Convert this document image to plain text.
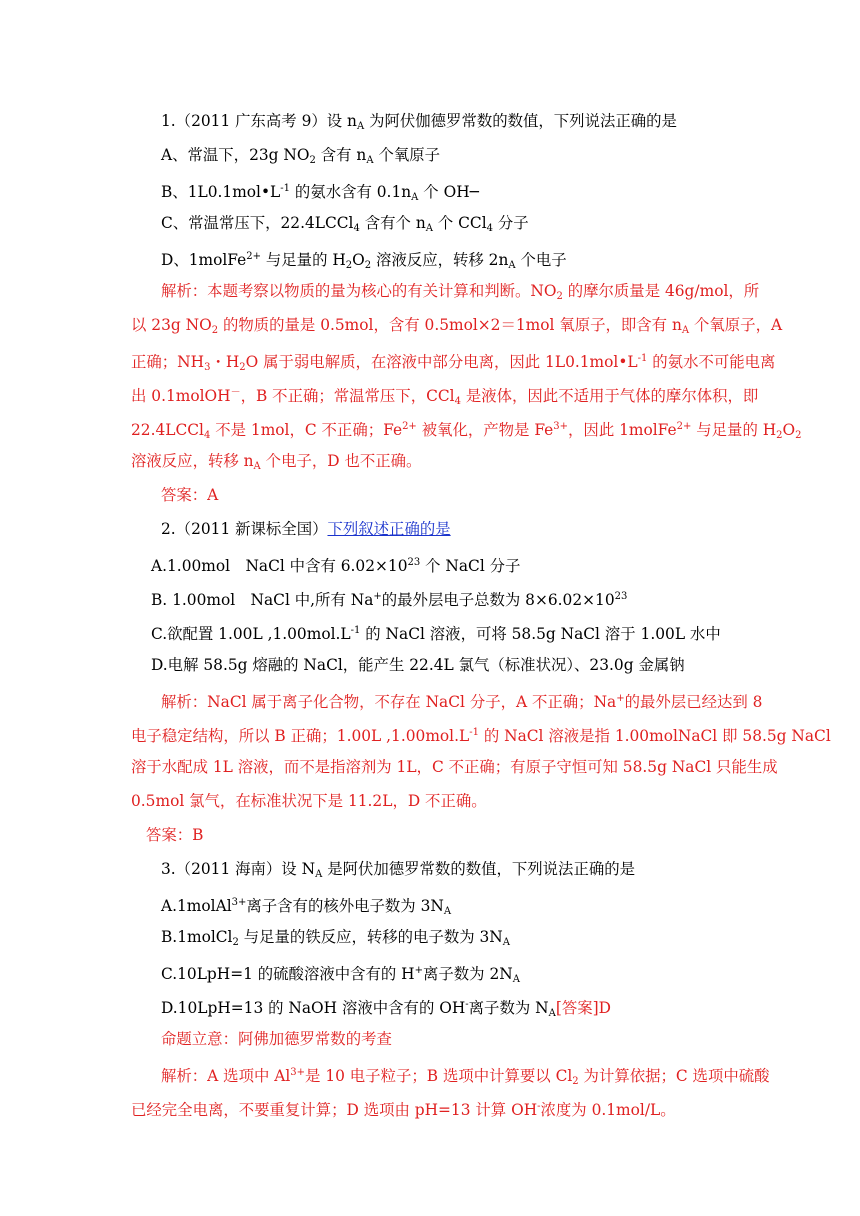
1.（2011 广东高考 9）设 $n_A$ 为阿伏伽德罗常数的数值，下列说法正确的是
A、常温下，23g $NO_2$ 含有 $n_A$ 个氧原子
B、$1L0.1mol•L^{-1}$ 的氨水含有 $0.1n_A$ 个 OH─
C、常温常压下，22.4LCCl$_4$ 含有个 $n_A$ 个 CCl$_4$ 分子
D、1molFe$^{2+}$ 与足量的 $H_2O_2$ 溶液反应，转移 $2n_A$ 个电子
解析：本题考察以物质的量为核心的有关计算和判断。$NO_2$ 的摩尔质量是 46g/mol，所
以 23g $NO_2$ 的物质的量是 0.5mol，含有 0.5mol×2＝1mol 氧原子，即含有 $n_A$ 个氧原子，A
正确；$NH_3$・$H_2O$ 属于弱电解质，在溶液中部分电离，因此 $1L0.1mol•L^{-1}$ 的氨水不可能电离
出 0.1molOH－，B 不正确；常温常压下，CCl$_4$ 是液体，因此不适用于气体的摩尔体积，即
22.4LCCl$_4$ 不是 1mol，C 不正确；$Fe^{2+}$ 被氧化，产物是 $Fe^{3+}$，因此 1molFe$^{2+}$ 与足量的 $H_2O_2$
溶液反应，转移 $n_A$ 个电子，D 也不正确。
答案：A
2.（2011 新课标全国）下列叙述正确的是
A.1.00mol　NaCl 中含有 $6.02\times 10^{23}$ 个 NaCl 分子
B. 1.00mol　NaCl 中,所有 Na+的最外层电子总数为 $8\times 6.02\times 10^{23}$
C.欲配置 1.00L $,1.00mol.L^{-1}$ 的 NaCl 溶液，可将 58.5g NaCl 溶于 1.00L 水中
D.电解 58.5g 熔融的 NaCl，能产生 22.4L 氯气（标准状况）、23.0g 金属钠
解析：NaCl 属于离子化合物，不存在 NaCl 分子，A 不正确；Na+的最外层已经达到 8
电子稳定结构，所以 B 正确；1.00L $,1.00mol.L^{-1}$ 的 NaCl 溶液是指 1.00molNaCl 即 58.5g NaCl
溶于水配成 1L 溶液，而不是指溶剂为 1L，C 不正确；有原子守恒可知 58.5g NaCl 只能生成
0.5mol 氯气，在标准状况下是 11.2L，D 不正确。
答案：B
3.（2011 海南）设 $N_A$ 是阿伏加德罗常数的数值，下列说法正确的是
A.1molAl$^{3+}$离子含有的核外电子数为 $3N_A$
B.1molCl$_2$ 与足量的铁反应，转移的电子数为 $3N_A$
C.10LpH=1 的硫酸溶液中含有的 H+离子数为 $2N_A$
D.10LpH=13 的 NaOH 溶液中含有的 OH-离子数为 $N_A$[答案]D
命题立意：阿佛加德罗常数的考查
解析：A 选项中 $Al^{3+}$是 10 电子粒子；B 选项中计算要以 $Cl_2$ 为计算依据；C 选项中硫酸
已经完全电离，不要重复计算；D 选项由 pH=13 计算 OH-浓度为 0.1mol/L。
